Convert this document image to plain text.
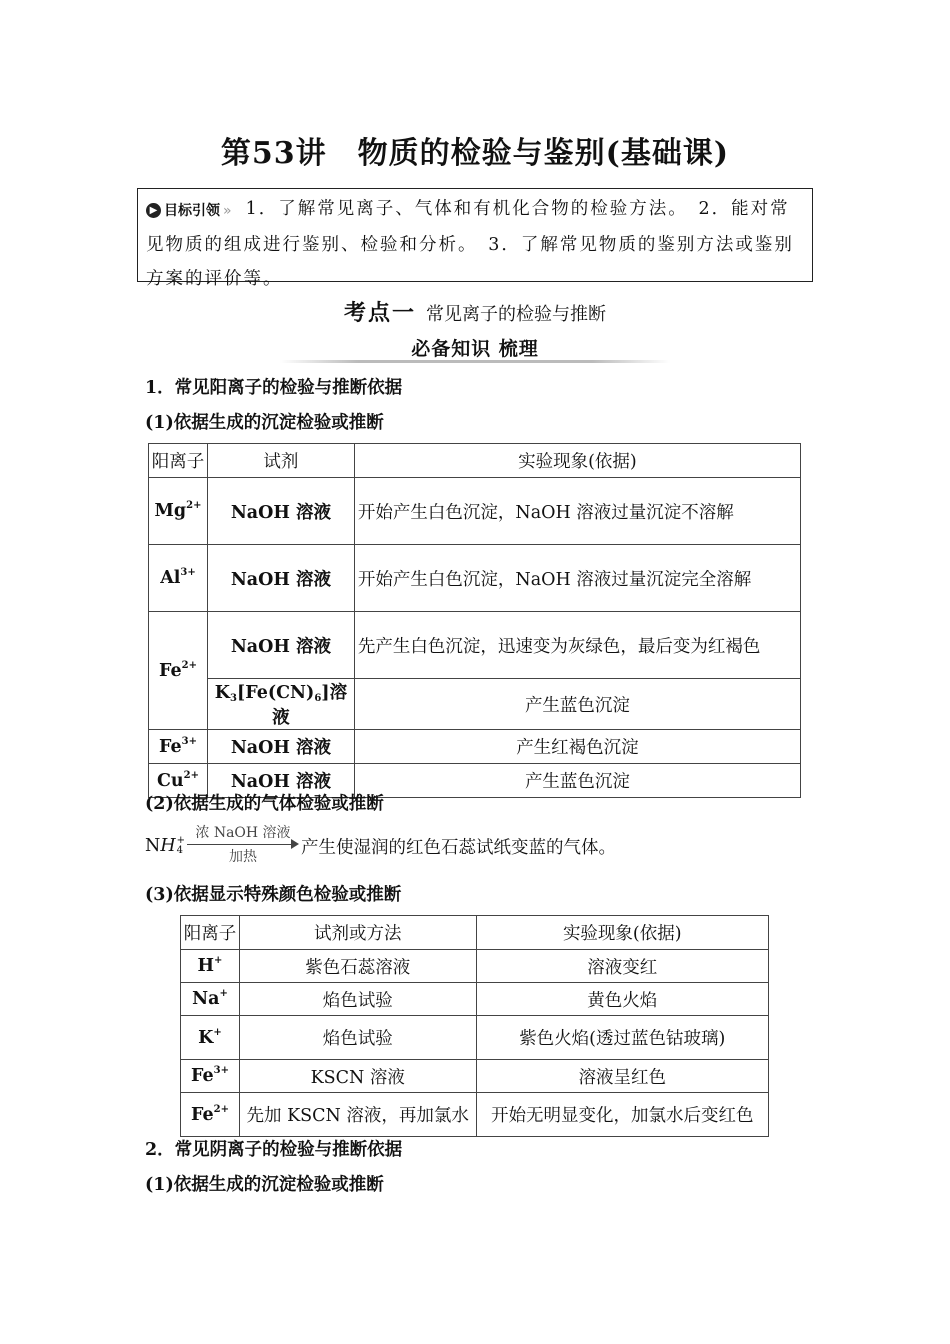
第53讲　物质的检验与鉴别(基础课)
▶ 目标引领 » 1．了解常见离子、气体和有机化合物的检验方法。　2．能对常见物质的组成进行鉴别、检验和分析。　3．了解常见物质的鉴别方法或鉴别方案的评价等。
考点一 常见离子的检验与推断
必备知识 梳理
1．常见阳离子的检验与推断依据
(1)依据生成的沉淀检验或推断
阳离子	试剂	实验现象(依据)
$Mg^{2+}$	NaOH 溶液	开始产生白色沉淀，NaOH 溶液过量沉淀不溶解
$Al^{3+}$	NaOH 溶液	开始产生白色沉淀，NaOH 溶液过量沉淀完全溶解
$Fe^{2+}$	NaOH 溶液	先产生白色沉淀，迅速变为灰绿色，最后变为红褐色
	$K_3[Fe(CN)_6]$溶液	产生蓝色沉淀
$Fe^{3+}$	NaOH 溶液	产生红褐色沉淀
$Cu^{2+}$	NaOH 溶液	产生蓝色沉淀
(2)依据生成的气体检验或推断
NH +
4
浓 NaOH 溶液
加热	产生使湿润的红色石蕊试纸变蓝的气体。
(3)依据显示特殊颜色检验或推断
阳离子	试剂或方法	实验现象(依据)
H+	紫色石蕊溶液	溶液变红
Na+	焰色试验	黄色火焰
K+	焰色试验	紫色火焰(透过蓝色钴玻璃)
$Fe^{3+}$	KSCN 溶液	溶液呈红色
$Fe^{2+}$	先加 KSCN 溶液，再加氯水	开始无明显变化，加氯水后变红色
2．常见阴离子的检验与推断依据
(1)依据生成的沉淀检验或推断
